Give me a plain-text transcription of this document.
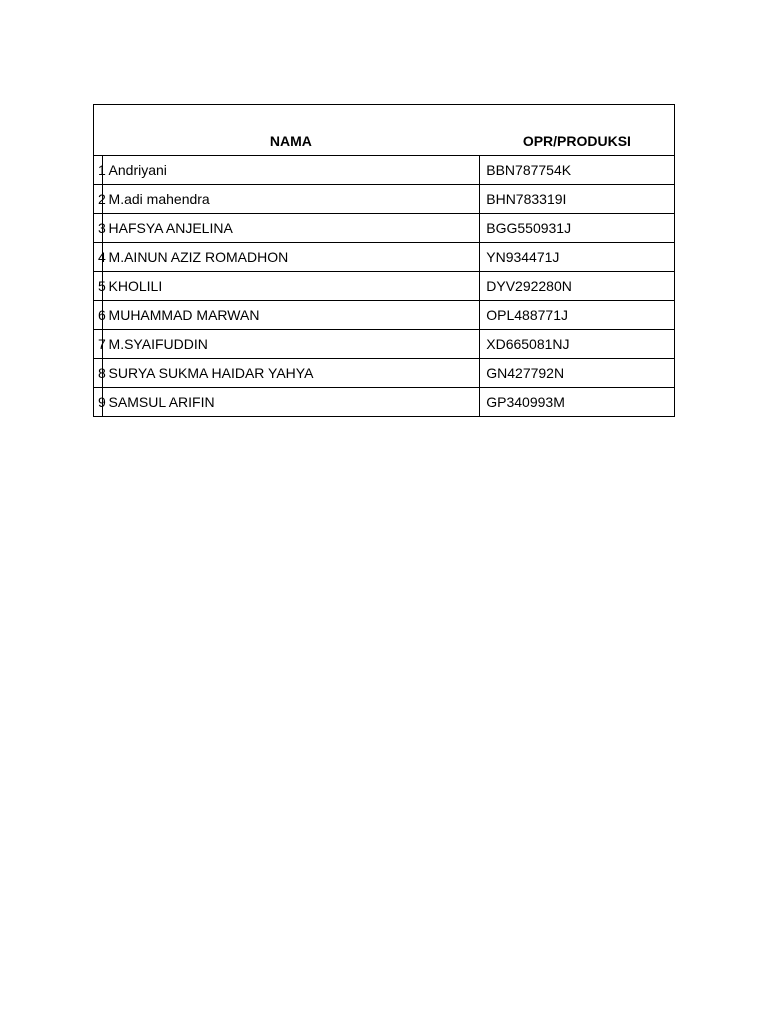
	NAMA	OPR/PRODUKSI
1	Andriyani	BBN787754K
2	M.adi mahendra	BHN783319I
3	HAFSYA ANJELINA	BGG550931J
4	M.AINUN AZIZ ROMADHON	YN934471J
5	KHOLILI	DYV292280N
6	MUHAMMAD MARWAN	OPL488771J
7	M.SYAIFUDDIN	XD665081NJ
8	SURYA SUKMA HAIDAR YAHYA	GN427792N
9	SAMSUL ARIFIN	GP340993M
